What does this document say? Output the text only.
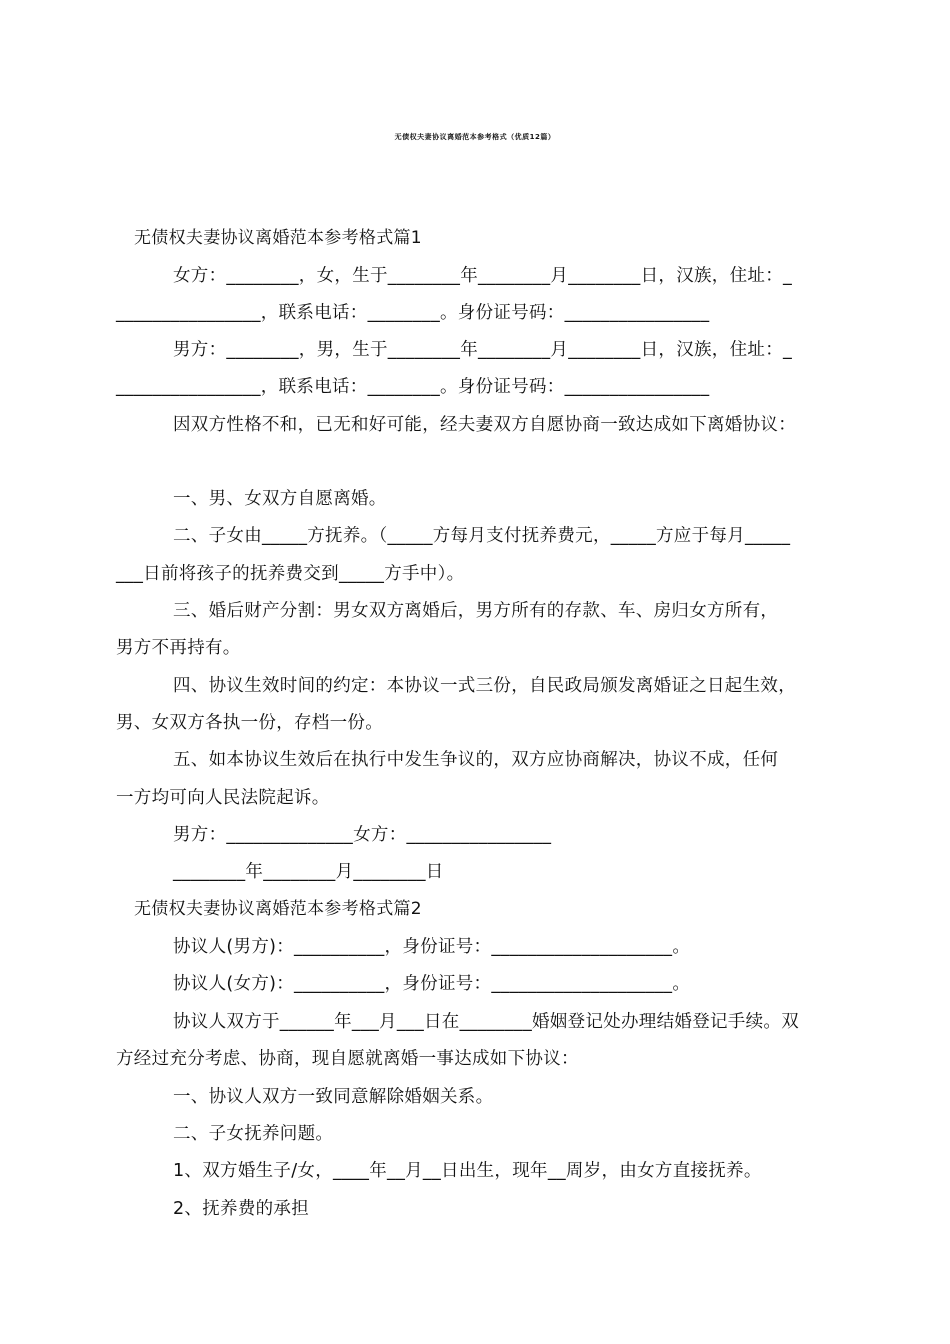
无债权夫妻协议离婚范本参考格式（优质12篇）
无债权夫妻协议离婚范本参考格式篇1
女方：________，女，生于________年________月________日，汉族，住址：_
________________，联系电话：________。身份证号码：________________
男方：________，男，生于________年________月________日，汉族，住址：_
________________，联系电话：________。身份证号码：________________
因双方性格不和，已无和好可能，经夫妻双方自愿协商一致达成如下离婚协议：
一、男、女双方自愿离婚。
二、子女由_____方抚养。（_____方每月支付抚养费元，_____方应于每月_____
___日前将孩子的抚养费交到_____方手中）。
三、婚后财产分割：男女双方离婚后，男方所有的存款、车、房归女方所有，
男方不再持有。
四、协议生效时间的约定：本协议一式三份，自民政局颁发离婚证之日起生效，
男、女双方各执一份，存档一份。
五、如本协议生效后在执行中发生争议的，双方应协商解决，协议不成，任何
一方均可向人民法院起诉。
男方：______________女方：________________
________年________月________日
无债权夫妻协议离婚范本参考格式篇2
协议人(男方)：__________，身份证号：____________________。
协议人(女方)：__________，身份证号：____________________。
协议人双方于______年___月___日在________婚姻登记处办理结婚登记手续。双
方经过充分考虑、协商，现自愿就离婚一事达成如下协议：
一、协议人双方一致同意解除婚姻关系。
二、子女抚养问题。
1、双方婚生子/女，____年__月__日出生，现年__周岁，由女方直接抚养。
2、抚养费的承担
